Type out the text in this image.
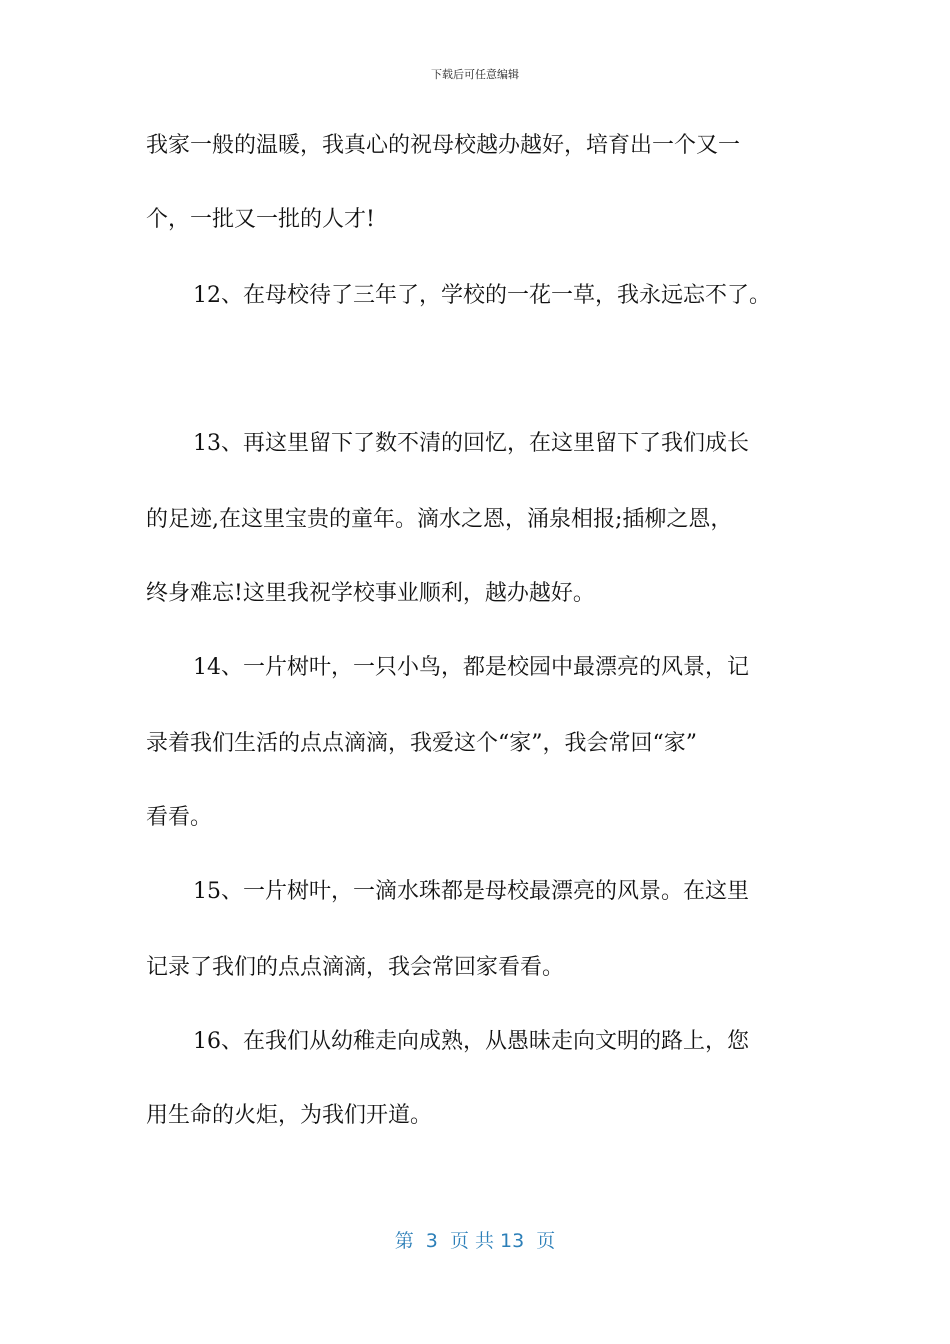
下载后可任意编辑
我家一般的温暖，我真心的祝母校越办越好，培育出一个又一
个，一批又一批的人才!
12、在母校待了三年了，学校的一花一草，我永远忘不了。
13、再这里留下了数不清的回忆，在这里留下了我们成长
的足迹,在这里宝贵的童年。滴水之恩，涌泉相报;插柳之恩，
终身难忘!这里我祝学校事业顺利，越办越好。
14、一片树叶，一只小鸟，都是校园中最漂亮的风景，记
录着我们生活的点点滴滴，我爱这个“家”，我会常回“家”
看看。
15、一片树叶，一滴水珠都是母校最漂亮的风景。在这里
记录了我们的点点滴滴，我会常回家看看。
16、在我们从幼稚走向成熟，从愚昧走向文明的路上，您
用生命的火炬，为我们开道。
第  3  页 共 13  页
